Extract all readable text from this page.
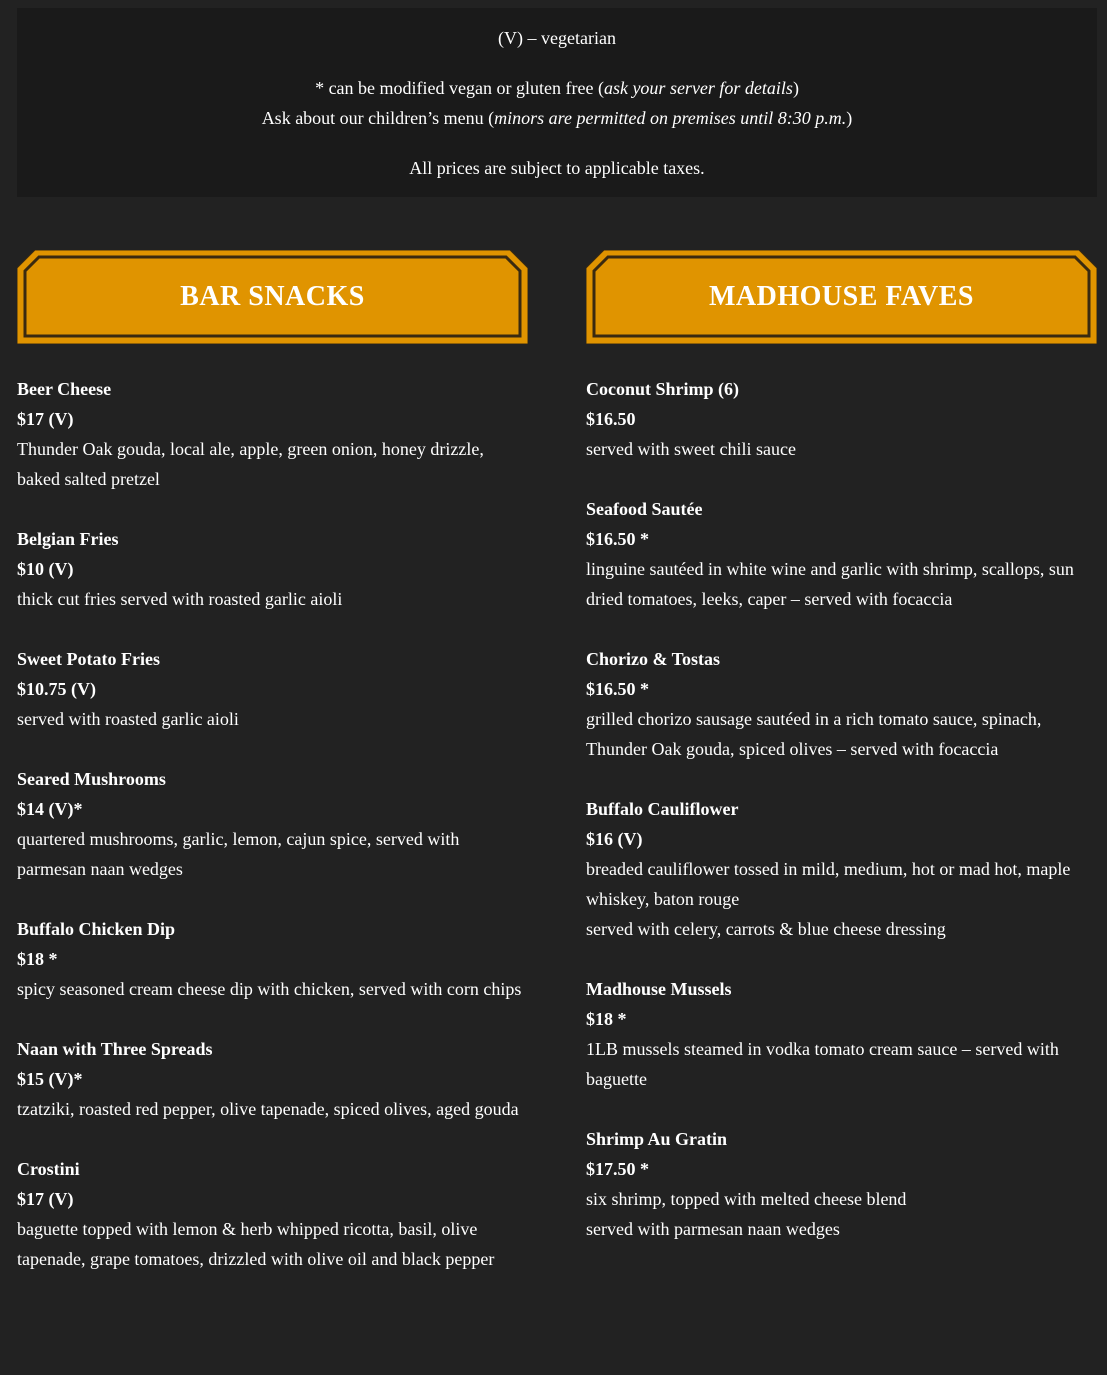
(V) – vegetarian

* can be modified vegan or gluten free (ask your server for details)

Ask about our children’s menu (minors are permitted on premises until 8:30 p.m.)

All prices are subject to applicable taxes.

BAR SNACKS
Beer Cheese
$17 (V)
Thunder Oak gouda, local ale, apple, green onion, honey drizzle, baked salted pretzel
Belgian Fries
$10 (V)
thick cut fries served with roasted garlic aioli
Sweet Potato Fries
$10.75 (V)
served with roasted garlic aioli
Seared Mushrooms
$14 (V)*
quartered mushrooms, garlic, lemon, cajun spice, served with parmesan naan wedges
Buffalo Chicken Dip
$18 *
spicy seasoned cream cheese dip with chicken, served with corn chips
Naan with Three Spreads
$15 (V)*
tzatziki, roasted red pepper, olive tapenade, spiced olives, aged gouda
Crostini
$17 (V)
baguette topped with lemon & herb whipped ricotta, basil, olive tapenade, grape tomatoes, drizzled with olive oil and black pepper
MADHOUSE FAVES
Coconut Shrimp (6)
$16.50
served with sweet chili sauce
Seafood Sautée
$16.50 *
linguine sautéed in white wine and garlic with shrimp, scallops, sun dried tomatoes, leeks, caper – served with focaccia
Chorizo & Tostas
$16.50 *
grilled chorizo sausage sautéed in a rich tomato sauce, spinach, Thunder Oak gouda, spiced olives – served with focaccia
Buffalo Cauliflower
$16 (V)
breaded cauliflower tossed in mild, medium, hot or mad hot, maple whiskey, baton rouge
served with celery, carrots & blue cheese dressing
Madhouse Mussels
$18 *
1LB mussels steamed in vodka tomato cream sauce – served with baguette
Shrimp Au Gratin
$17.50 *
six shrimp, topped with melted cheese blend
served with parmesan naan wedges
